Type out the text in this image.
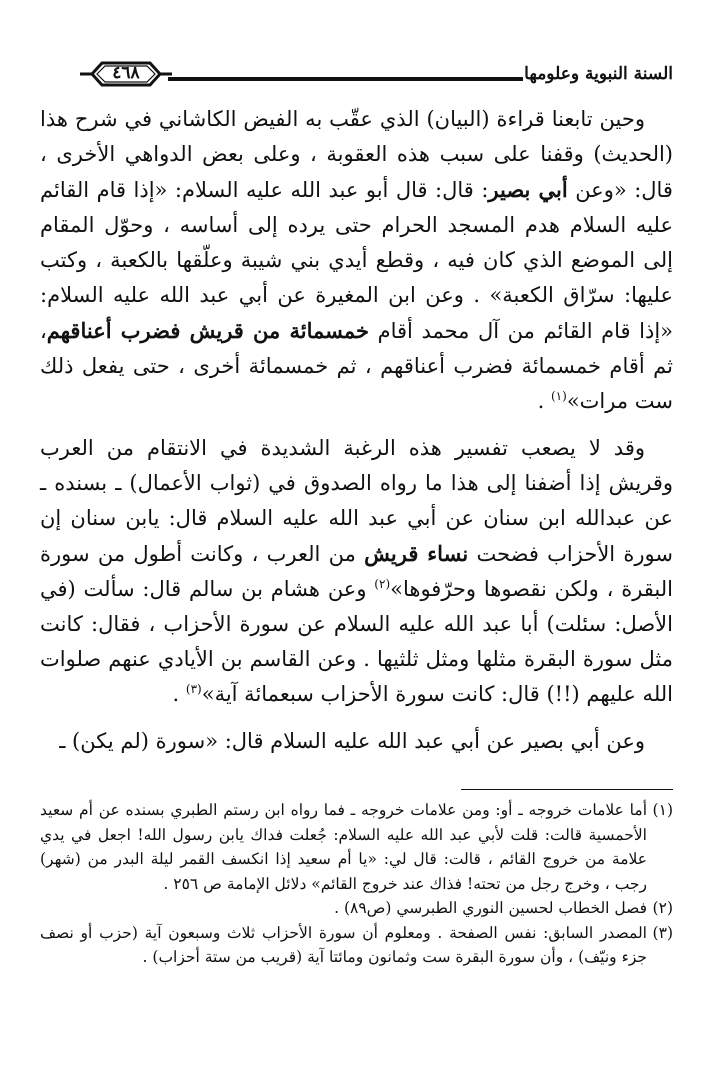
السنة النبوية وعلومها
٤٦٨

وحين تابعنا قراءة (البيان) الذي عقّب به الفيض الكاشاني في شرح هذا (الحديث) وقفنا على سبب هذه العقوبة ، وعلى بعض الدواهي الأخرى ، قال: «وعن أبي بصير: قال: قال أبو عبد الله عليه السلام: «إذا قام القائم عليه السلام هدم المسجد الحرام حتى يرده إلى أساسه ، وحوّل المقام إلى الموضع الذي كان فيه ، وقطع أيدي بني شيبة وعلّقها بالكعبة ، وكتب عليها: سرّاق الكعبة» . وعن ابن المغيرة عن أبي عبد الله عليه السلام: «إذا قام القائم من آل محمد أقام خمسمائة من قريش فضرب أعناقهم، ثم أقام خمسمائة فضرب أعناقهم ، ثم خمسمائة أخرى ، حتى يفعل ذلك ست مرات»$^{(١)}$ .

وقد لا يصعب تفسير هذه الرغبة الشديدة في الانتقام من العرب وقريش إذا أضفنا إلى هذا ما رواه الصدوق في (ثواب الأعمال) ـ بسنده ـ عن عبدالله ابن سنان عن أبي عبد الله عليه السلام قال: يابن سنان إن سورة الأحزاب فضحت نساء قريش من العرب ، وكانت أطول من سورة البقرة ، ولكن نقصوها وحرّفوها»$^{(٢)}$ وعن هشام بن سالم قال: سألت (في الأصل: سئلت) أبا عبد الله عليه السلام عن سورة الأحزاب ، فقال: كانت مثل سورة البقرة مثلها ومثل ثلثيها . وعن القاسم بن الأيادي عنهم صلوات الله عليهم (!!) قال: كانت سورة الأحزاب سبعمائة آية»$^{(٣)}$ .

وعن أبي بصير عن أبي عبد الله عليه السلام قال: «سورة (لم يكن) ـ

(١)أما علامات خروجه ـ أو: ومن علامات خروجه ـ فما رواه ابن رستم الطبري بسنده عن أم سعيد الأحمسية قالت: قلت لأبي عبد الله عليه السلام: جُعلت فداك يابن رسول الله! اجعل في يدي علامة من خروج القائم ، قالت: قال لي: «يا أم سعيد إذا انكسف القمر ليلة البدر من (شهر) رجب ، وخرج رجل من تحته! فذاك عند خروج القائم» دلائل الإمامة ص ٢٥٦ .

(٢)فصل الخطاب لحسين النوري الطبرسي (ص٨٩) .

(٣)المصدر السابق: نفس الصفحة . ومعلوم أن سورة الأحزاب ثلاث وسبعون آية (حزب أو نصف جزء ونيّف) ، وأن سورة البقرة ست وثمانون ومائتا آية (قريب من ستة أحزاب) .
